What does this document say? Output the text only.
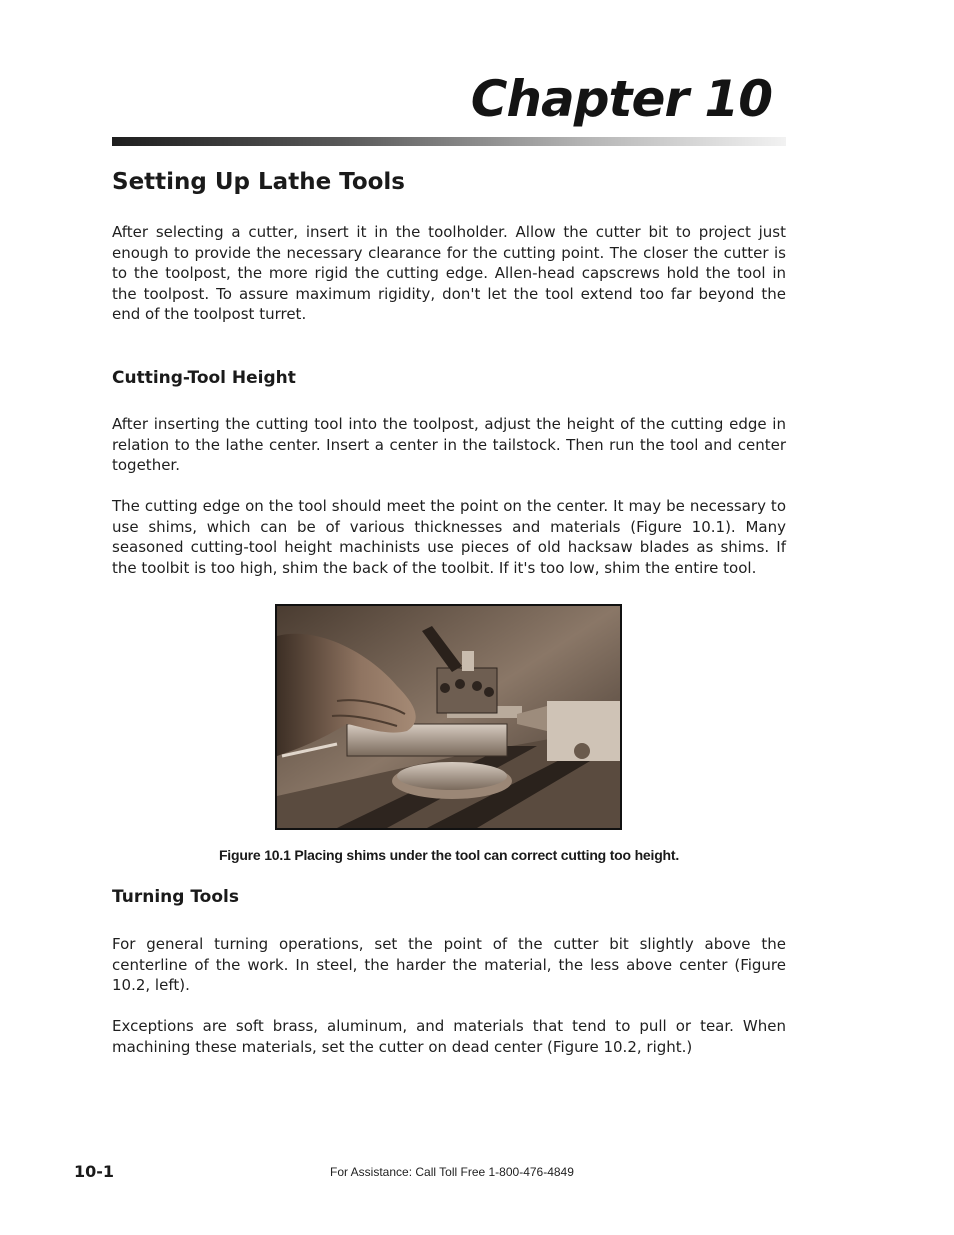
Chapter 10
Setting Up Lathe Tools

After selecting a cutter, insert it in the toolholder. Allow the cutter bit to project just enough to provide the necessary clearance for the cutting point. The closer the cutter is to the toolpost, the more rigid the cutting edge. Allen-head capscrews hold the tool in the toolpost. To assure maximum rigidity, don't let the tool extend too far beyond the end of the toolpost turret.

Cutting-Tool Height

After inserting the cutting tool into the toolpost, adjust the height of the cutting edge in relation to the lathe center. Insert a center in the tailstock. Then run the tool and center together.

The cutting edge on the tool should meet the point on the center. It may be necessary to use shims, which can be of various thicknesses and materials (Figure 10.1). Many seasoned cutting-tool height machinists use pieces of old hacksaw blades as shims. If the toolbit is too high, shim the back of the toolbit. If it's too low, shim the entire tool.

Figure 10.1 Placing shims under the tool can correct cutting too height.

Turning Tools

For general turning operations, set the point of the cutter bit slightly above the centerline of the work. In steel, the harder the material, the less above center (Figure 10.2, left).

Exceptions are soft brass, aluminum, and materials that tend to pull or tear. When machining these materials, set the cutter on dead center (Figure 10.2, right.)

10-1	For Assistance: Call Toll Free 1-800-476-4849
